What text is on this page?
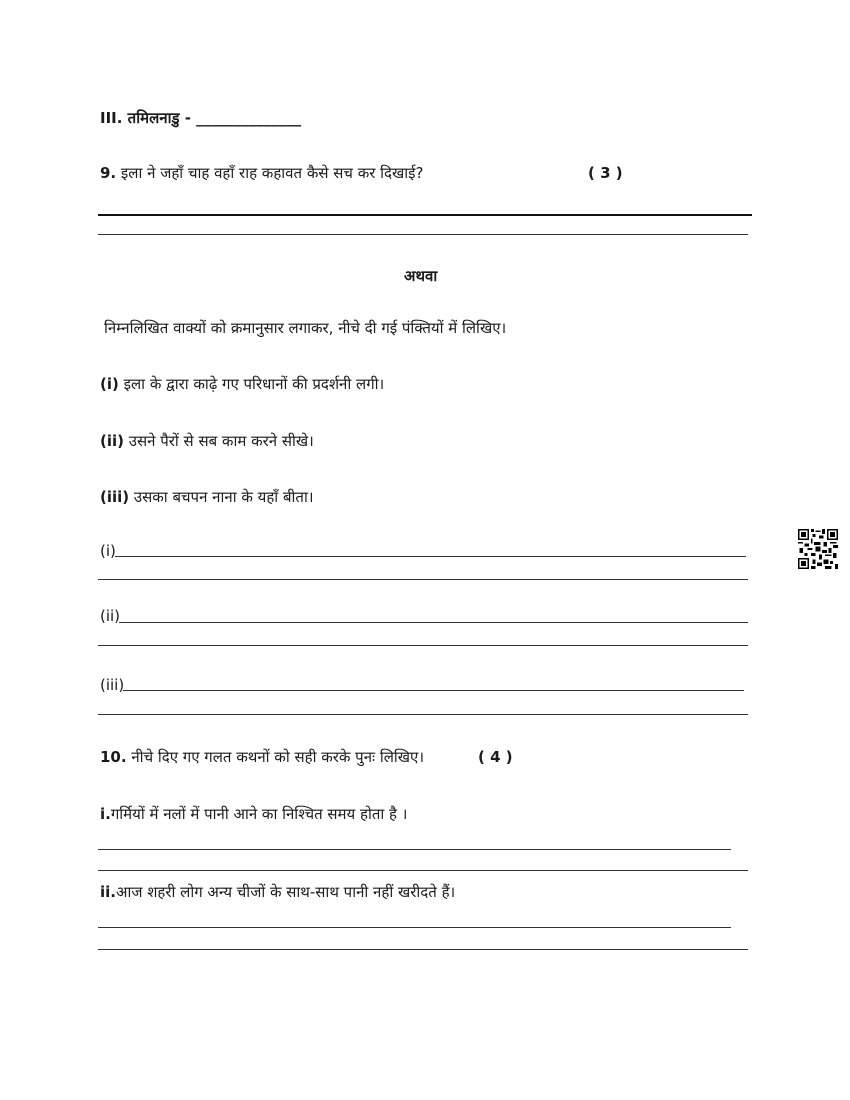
III. तमिलनाडु - ______________
9. इला ने जहाँ चाह वहाँ राह कहावत कैसे सच कर दिखाई?	( 3 )
अथवा
निम्नलिखित वाक्यों को क्रमानुसार लगाकर, नीचे दी गई पंक्तियों में लिखिए।
(i) इला के द्वारा काढ़े गए परिधानों की प्रदर्शनी लगी।
(ii) उसने पैरों से सब काम करने सीखे।
(iii) उसका बचपन नाना के यहाँ बीता।
(i)
(ii)
(iii)
10. नीचे दिए गए गलत कथनों को सही करके पुनः लिखिए।	( 4 )
i.गर्मियों में नलों में पानी आने का निश्चित समय होता है ।
ii.आज शहरी लोग अन्य चीजों के साथ-साथ पानी नहीं खरीदते हैं।
